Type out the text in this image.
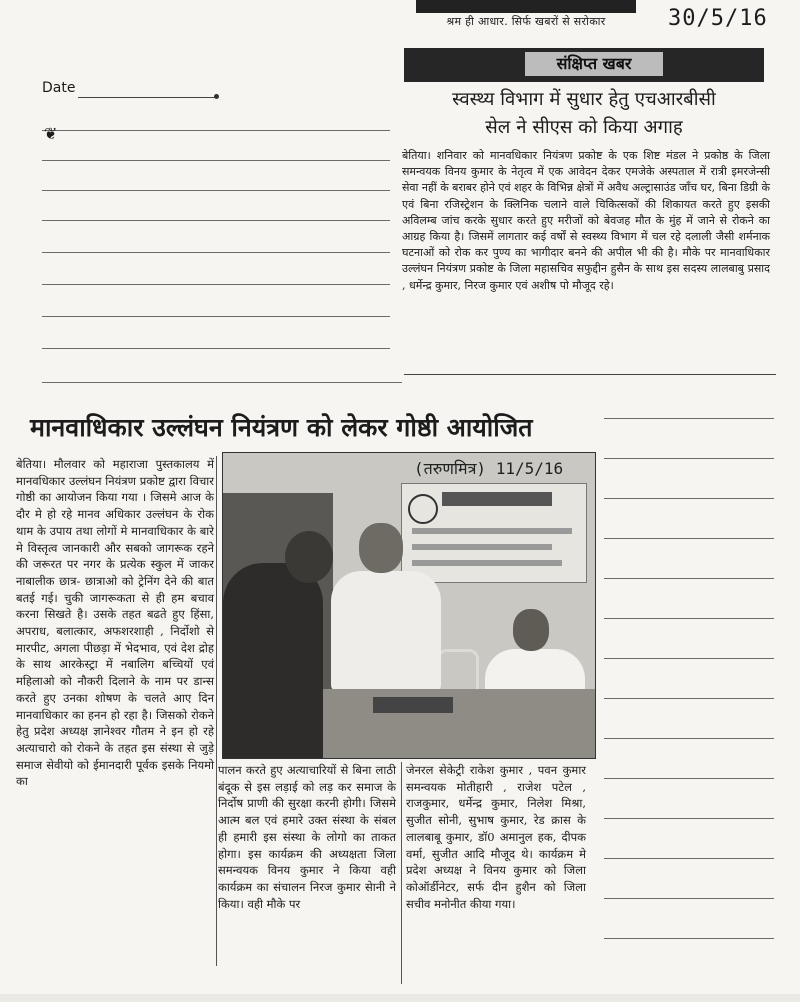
Date
❦
श्रम ही आधार. सिर्फ खबरों से सरोकार	30/5/16
संक्षिप्त खबर
स्वस्थ्य विभाग में सुधार हेतु एचआरबीसी
सेल ने सीएस को किया अगाह

बेतिया। शनिवार को मानवधिकार नियंत्रण प्रकोष्ट के एक शिष्ट मंडल ने प्रकोष्ठ के जिला समन्वयक विनय कुमार के नेतृत्व में एक आवेदन देकर एमजेके अस्पताल में रात्री इमरजेन्सी सेवा नहीं के बराबर होने एवं शहर के विभिन्न क्षेत्रों में अवैध अल्ट्रासाउंड जाँच घर, बिना डिग्री के एवं बिना रजिस्ट्रेशन के क्लिनिक चलाने वाले चिकित्सकों की शिकायत करते हुए इसकी अविलम्ब जांच करके सुधार करते हुए मरीजों को बेवजह मौत के मुंह में जाने से रोकने का आग्रह किया है। जिसमें लागतार कई वर्षों से स्वस्थ्य विभाग में चल रहे दलाली जैसी शर्मनाक घटनाओं को रोक कर पुण्य का भागीदार बनने की अपील भी की है। मौके पर मानवाधिकार उल्लंघन नियंत्रण प्रकोष्ट के जिला महासचिव सफुद्दीन हुसैन के साथ इस सदस्य लालबाबु प्रसाद , धर्मेन्द्र कुमार, निरज कुमार एवं अशीष पो मौजूद रहे।

मानवाधिकार उल्लंघन नियंत्रण को लेकर गोष्ठी आयोजित

बेतिया। मौलवार को महाराजा पुस्तकालय में मानवधिकार उल्लंघन नियंत्रण प्रकोष्ट द्वारा विचार गोष्ठी का आयोजन किया गया । जिसमे आज के दौर मे हो रहे मानव अधिकार उल्लंघन के रोक थाम के उपाय तथा लोगों मे मानवाधिकार के बारे मे विस्तृत्व जानकारी और सबको जागरूक रहने की जरूरत पर नगर के प्रत्येक स्कुल में जाकर नाबालीक छात्र- छात्राओ को ट्रेनिंग देने की बात बतई गई। चुकी जागरूकता से ही हम बचाव करना सिखते है। उसके तहत बढते हुए हिंसा, अपराध, बलात्कार, अफशरशाही , निर्दोशो से मारपीट, अगला पीछड़ा में भेदभाव, एवं देश द्रोह के साथ आरकेस्ट्रा में नबालिग बच्चियों एवं महिलाओ को नौकरी दिलाने के नाम पर डान्स करते हुए उनका शोषण के चलते आए दिन मानवाधिकार का हनन हो रहा है। जिसको रोकने हेतु प्रदेश अध्यक्ष ज्ञानेश्वर गौतम ने इन हो रहे अत्याचारो को रोकने के तहत इस संस्था से जुड़े समाज सेवीयो को ईमानदारी पूर्वक इसके नियमो का

(तरुणमित्र) 11/5/16

पालन करते हुए अत्याचारियों से बिना लाठी बंदूक से इस लड़ाई को लड़ कर समाज के निर्दोष प्राणी की सुरक्षा करनी होगी। जिसमे आत्म बल एवं हमारे उक्त संस्था के संबल ही हमारी इस संस्था के लोगो का ताकत होगा। इस कार्यक्रम की अध्यक्षता जिला समन्वयक विनय कुमार ने किया वही कार्यक्रम का संचालन निरज कुमार सेानी ने किया। वही मौके पर

जेनरल सेकेट्री राकेश कुमार , पवन कुमार समन्वयक मोतीहारी , राजेश पटेल , राजकुमार, धर्मेन्द्र कुमार, निलेश मिश्रा, सुजीत सोनी, सुभाष कुमार, रेड क्रास के लालबाबू कुमार, डॉ0 अमानुल हक, दीपक वर्मा, सुजीत आदि मौजूद थे। कार्यक्रम मे प्रदेश अध्यक्ष ने विनय कुमार को जिला कोऑर्डीनेटर, सर्फ दीन हुशैन को जिला सचीव मनोनीत कीया गया।
